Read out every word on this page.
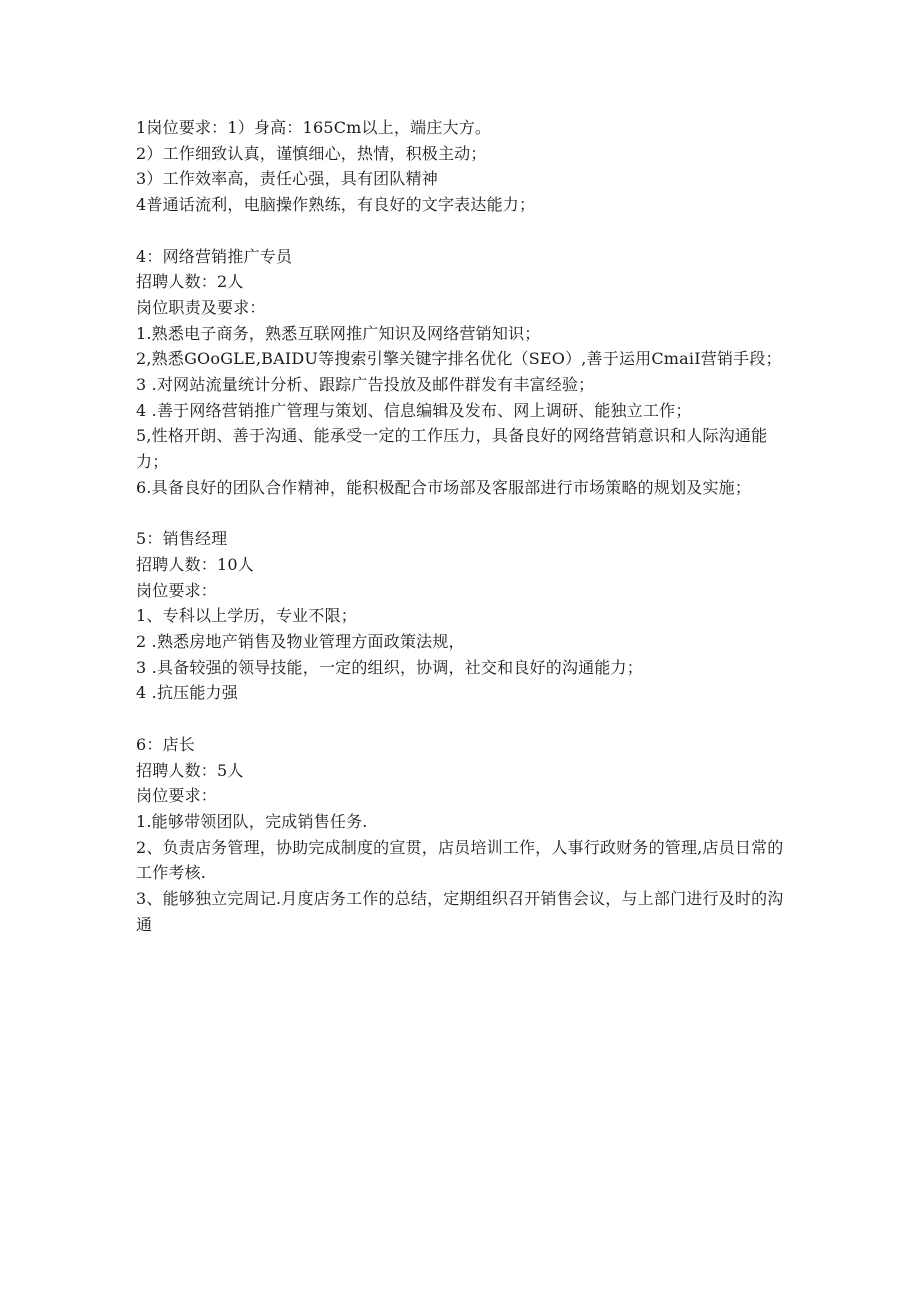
1岗位要求：1）身高：165Cm以上，端庄大方。
2）工作细致认真，谨慎细心，热情，积极主动；
3）工作效率高，责任心强，具有团队精神
4普通话流利，电脑操作熟练，有良好的文字表达能力；
4：网络营销推广专员
招聘人数：2人
岗位职责及要求：
1.熟悉电子商务，熟悉互联网推广知识及网络营销知识；
2,熟悉GOoGLE,BAIDU等搜索引擎关键字排名优化（SEO）,善于运用CmaiI营销手段；
3 .对网站流量统计分析、跟踪广告投放及邮件群发有丰富经验；
4 .善于网络营销推广管理与策划、信息编辑及发布、网上调研、能独立工作；
5,性格开朗、善于沟通、能承受一定的工作压力，具备良好的网络营销意识和人际沟通能力；
6.具备良好的团队合作精神，能积极配合市场部及客服部进行市场策略的规划及实施；
5：销售经理
招聘人数：10人
岗位要求：
1、专科以上学历，专业不限；
2 .熟悉房地产销售及物业管理方面政策法规，
3 .具备较强的领导技能，一定的组织，协调，社交和良好的沟通能力；
4 .抗压能力强
6：店长
招聘人数：5人
岗位要求：
1.能够带领团队，完成销售任务.
2、负责店务管理，协助完成制度的宣贯，店员培训工作，人事行政财务的管理,店员日常的工作考核.
3、能够独立完周记.月度店务工作的总结，定期组织召开销售会议，与上部门进行及时的沟通
